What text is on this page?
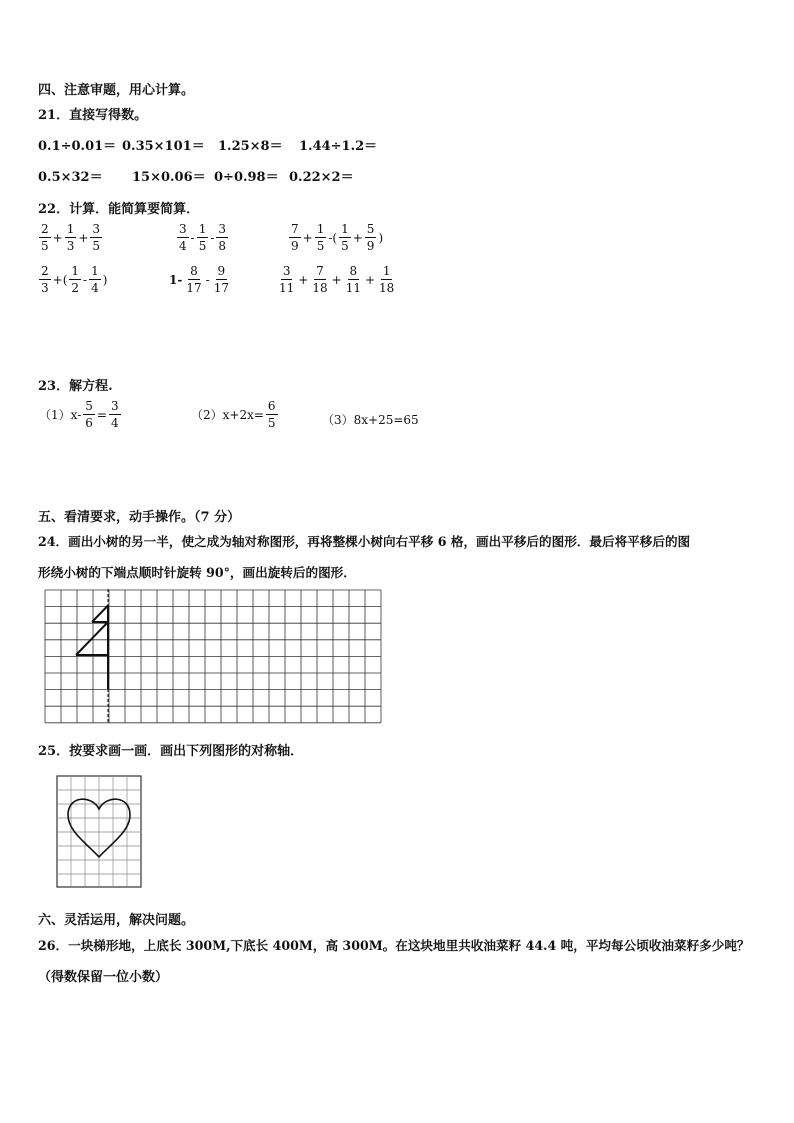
四、注意审题，用心计算。
21．直接写得数。
0.1÷0.01＝ 0.35×101＝ 1.25×8＝ 1.44÷1.2＝
0.5×32＝ 15×0.06＝ 0÷0.98＝ 0.22×2＝
22．计算．能简算要简算．
$\frac{2}{5} + \frac{1}{3} + \frac{3}{5}$	$\frac{3}{4} - \frac{1}{5} - \frac{3}{8}$	$\frac{7}{9} + \frac{1}{5}$ -( $\frac{1}{5} + \frac{5}{9}$ )
$\frac{2}{3}$ +( $\frac{1}{2} - \frac{1}{4}$ )	$1- \frac{8}{17} - \frac{9}{17}$	$\frac{3}{11} + \frac{7}{18} + \frac{8}{11} + \frac{1}{18}$
23．解方程.
$(1)x- \frac{5}{6} = \frac{3}{4}$	$(2)x+2x= \frac{6}{5}$	（3）8x+25=65
五、看清要求，动手操作。（7 分）
24．画出小树的另一半，使之成为轴对称图形，再将整棵小树向右平移 6 格，画出平移后的图形．最后将平移后的图
形绕小树的下端点顺时针旋转 90°，画出旋转后的图形．
25．按要求画一画．画出下列图形的对称轴．
六、灵活运用，解决问题。
26．一块梯形地，上底长 300M,下底长 400M，高 300M。在这块地里共收油菜籽 44.4 吨，平均每公顷收油菜籽多少吨？
（得数保留一位小数）
